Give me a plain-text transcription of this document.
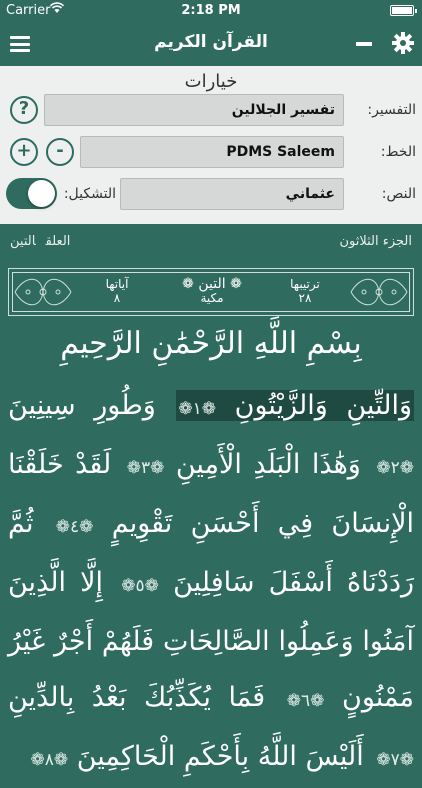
Carrier	2:18 PM
القرآن الكريم
خيارات
?	تفسير الجلالين	التفسير:
+	-	PDMS Saleem	الخط:
عثماني	النص:
التشكيل:
الجزء الثلاثون
العلقالتين
ترتيبها
٢٨
❁ التين ❁
مكية
آياتها
٨
بِسْمِ اللَّهِ الرَّحْمَٰنِ الرَّحِيمِ
وَالتِّينِ وَالزَّيْتُونِ ❁١❁ وَطُورِ سِينِينَ ❁٢❁ وَهَٰذَا الْبَلَدِ الْأَمِينِ ❁٣❁ لَقَدْ خَلَقْنَا الْإِنسَانَ فِي أَحْسَنِ تَقْوِيمٍ ❁٤❁ ثُمَّ رَدَدْنَاهُ أَسْفَلَ سَافِلِينَ ❁٥❁ إِلَّا الَّذِينَ آمَنُوا وَعَمِلُوا الصَّالِحَاتِ فَلَهُمْ أَجْرٌ غَيْرُ مَمْنُونٍ ❁٦❁ فَمَا يُكَذِّبُكَ بَعْدُ بِالدِّينِ ❁٧❁ أَلَيْسَ اللَّهُ بِأَحْكَمِ الْحَاكِمِينَ ❁٨❁
